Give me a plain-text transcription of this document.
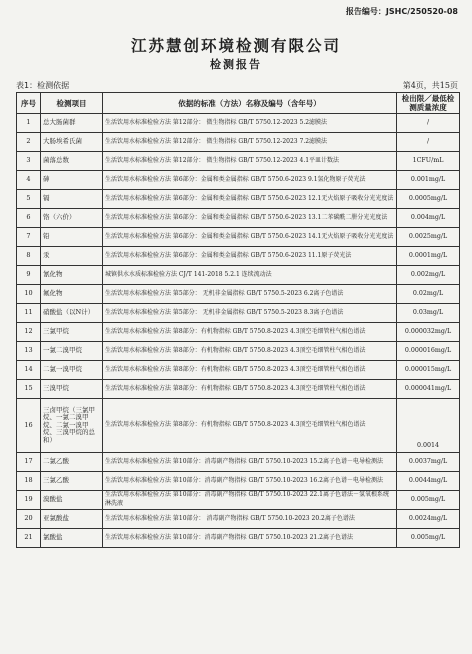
报告编号：JSHC/250520-08
江苏慧创环境检测有限公司
检测报告
表1：检测依据	第4页，共15页
序号	检测项目	依据的标准（方法）名称及编号（含年号）	检出限／最低检测质量浓度
1	总大肠菌群	生活饮用水标准检验方法 第12部分： 微生物指标 GB/T 5750.12-2023 5.2滤膜法	/
2	大肠埃希氏菌	生活饮用水标准检验方法 第12部分： 微生物指标 GB/T 5750.12-2023 7.2滤膜法	/
3	菌落总数	生活饮用水标准检验方法 第12部分： 微生物指标 GB/T 5750.12-2023 4.1平皿计数法	1CFU/mL
4	砷	生活饮用水标准检验方法 第6部分：金属和类金属指标 GB/T 5750.6-2023 9.1氢化物原子荧光法	0.001mg/L
5	镉	生活饮用水标准检验方法 第6部分：金属和类金属指标 GB/T 5750.6-2023 12.1无火焰原子吸收分光光度法	0.0005mg/L
6	铬（六价）	生活饮用水标准检验方法 第6部分：金属和类金属指标 GB/T 5750.6-2023 13.1二苯碳酰二肼分光光度法	0.004mg/L
7	铅	生活饮用水标准检验方法 第6部分：金属和类金属指标 GB/T 5750.6-2023 14.1无火焰原子吸收分光光度法	0.0025mg/L
8	汞	生活饮用水标准检验方法 第6部分：金属和类金属指标 GB/T 5750.6-2023 11.1原子荧光法	0.0001mg/L
9	氰化物	城镇供水水质标准检验方法 CJ/T 141-2018 5.2.1 连续流动法	0.002mg/L
10	氟化物	生活饮用水标准检验方法 第5部分： 无机非金属指标 GB/T 5750.5-2023 6.2离子色谱法	0.02mg/L
11	硝酸盐（以N计）	生活饮用水标准检验方法 第5部分： 无机非金属指标 GB/T 5750.5-2023 8.3离子色谱法	0.03mg/L
12	三氯甲烷	生活饮用水标准检验方法 第8部分：有机物指标 GB/T 5750.8-2023 4.3顶空毛细管柱气相色谱法	0.000032mg/L
13	一氯二溴甲烷	生活饮用水标准检验方法 第8部分：有机物指标 GB/T 5750.8-2023 4.3顶空毛细管柱气相色谱法	0.000016mg/L
14	二氯一溴甲烷	生活饮用水标准检验方法 第8部分：有机物指标 GB/T 5750.8-2023 4.3顶空毛细管柱气相色谱法	0.000015mg/L
15	三溴甲烷	生活饮用水标准检验方法 第8部分：有机物指标 GB/T 5750.8-2023 4.3顶空毛细管柱气相色谱法	0.000041mg/L
16	三卤甲烷（三氯甲烷、一氯二溴甲烷、二氯一溴甲烷、三溴甲烷的总和）	生活饮用水标准检验方法 第8部分：有机物指标 GB/T 5750.8-2023 4.3顶空毛细管柱气相色谱法	0.0014
17	二氯乙酸	生活饮用水标准检验方法 第10部分：消毒副产物指标 GB/T 5750.10-2023 15.2离子色谱－电导检测法	0.0037mg/L
18	三氯乙酸	生活饮用水标准检验方法 第10部分：消毒副产物指标 GB/T 5750.10-2023 16.2离子色谱－电导检测法	0.0044mg/L
19	溴酸盐	生活饮用水标准检验方法 第10部分：消毒副产物指标 GB/T 5750.10-2023 22.1离子色谱法－氢氧根系统淋洗液	0.005mg/L
20	亚氯酸盐	生活饮用水标准检验方法 第10部分： 消毒副产物指标 GB/T 5750.10-2023 20.2离子色谱法	0.0024mg/L
21	氯酸盐	生活饮用水标准检验方法 第10部分：消毒副产物指标 GB/T 5750.10-2023 21.2离子色谱法	0.005mg/L
